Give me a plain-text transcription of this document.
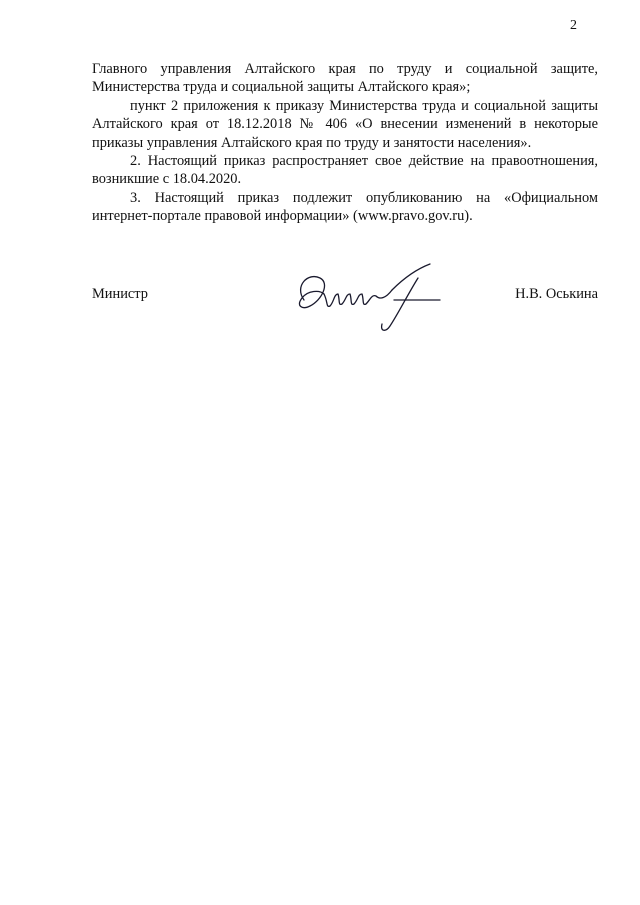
2

Главного управления Алтайского края по труду и социальной защите, Министерства труда и социальной защиты Алтайского края»;

пункт 2 приложения к приказу Министерства труда и социальной защиты Алтайского края от 18.12.2018 № 406 «О внесении изменений в некоторые приказы управления Алтайского края по труду и занятости населения».

2. Настоящий приказ распространяет свое действие на правоотношения, возникшие с 18.04.2020.

3. Настоящий приказ подлежит опубликованию на «Официальном интернет-портале правовой информации» (www.pravo.gov.ru).

Министр	Н.В. Оськина
